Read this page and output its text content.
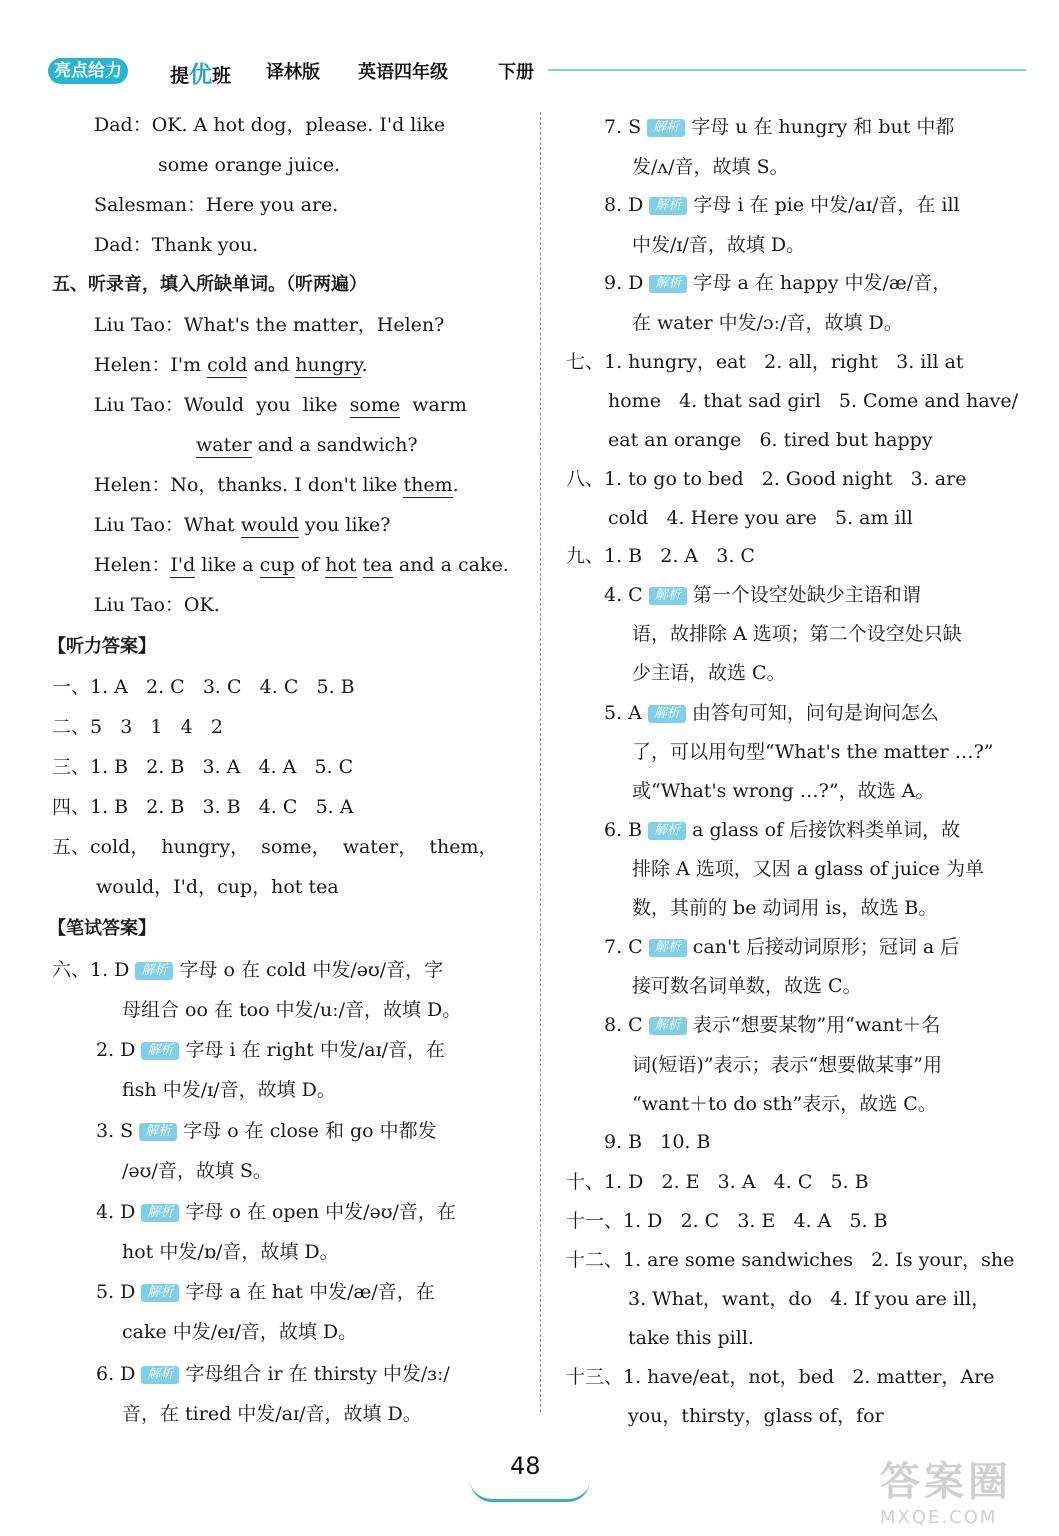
亮点给力	提优班 译林版 英语四年级	下册
Dad：OK. A hot dog，please. I'd like
some orange juice.
Salesman：Here you are.
Dad：Thank you.
五、听录音，填入所缺单词。（听两遍）
Liu Tao：What's the matter，Helen?
Helen：I'm cold and hungry.
Liu Tao：Would  you  like  some  warm
water and a sandwich?
Helen：No，thanks. I don't like them.
Liu Tao：What would you like?
Helen：I'd like a cup of hot tea and a cake.
Liu Tao：OK.
【听力答案】
一、1. A   2. C   3. C   4. C   5. B
二、5   3   1   4   2
三、1. B   2. B   3. A   4. A   5. C
四、1. B   2. B   3. B   4. C   5. A
五、cold，  hungry，  some，  water，  them，
would，I'd，cup，hot tea
【笔试答案】
六、1. D 解析 字母 o 在 cold 中发/əʊ/音，字
母组合 oo 在 too 中发/uː/音，故填 D。
2. D 解析 字母 i 在 right 中发/aɪ/音，在
fish 中发/ɪ/音，故填 D。
3. S 解析 字母 o 在 close 和 go 中都发
/əʊ/音，故填 S。
4. D 解析 字母 o 在 open 中发/əʊ/音，在
hot 中发/ɒ/音，故填 D。
5. D 解析 字母 a 在 hat 中发/æ/音，在
cake 中发/eɪ/音，故填 D。
6. D 解析 字母组合 ir 在 thirsty 中发/ɜː/
音，在 tired 中发/aɪ/音，故填 D。
7. S 解析 字母 u 在 hungry 和 but 中都
发/ʌ/音，故填 S。
8. D 解析 字母 i 在 pie 中发/aɪ/音，在 ill
中发/ɪ/音，故填 D。
9. D 解析 字母 a 在 happy 中发/æ/音，
在 water 中发/ɔː/音，故填 D。
七、1. hungry，eat   2. all，right   3. ill at
home   4. that sad girl   5. Come and have/
eat an orange   6. tired but happy
八、1. to go to bed   2. Good night   3. are
cold   4. Here you are   5. am ill
九、1. B   2. A   3. C
4. C 解析 第一个设空处缺少主语和谓
语，故排除 A 选项；第二个设空处只缺
少主语，故选 C。
5. A 解析 由答句可知，问句是询问怎么
了，可以用句型“What's the matter …?”
或“What's wrong …?”，故选 A。
6. B 解析 a glass of 后接饮料类单词，故
排除 A 选项，又因 a glass of juice 为单
数，其前的 be 动词用 is，故选 B。
7. C 解析 can't 后接动词原形；冠词 a 后
接可数名词单数，故选 C。
8. C 解析 表示“想要某物”用“want＋名
词(短语)”表示；表示“想要做某事”用
“want＋to do sth”表示，故选 C。
9. B   10. B
十、1. D   2. E   3. A   4. C   5. B
十一、1. D   2. C   3. E   4. A   5. B
十二、1. are some sandwiches   2. Is your，she
3. What，want，do   4. If you are ill，
take this pill.
十三、1. have/eat，not，bed   2. matter，Are
you，thirsty，glass of，for
48	答案圈
MXQE.COM
